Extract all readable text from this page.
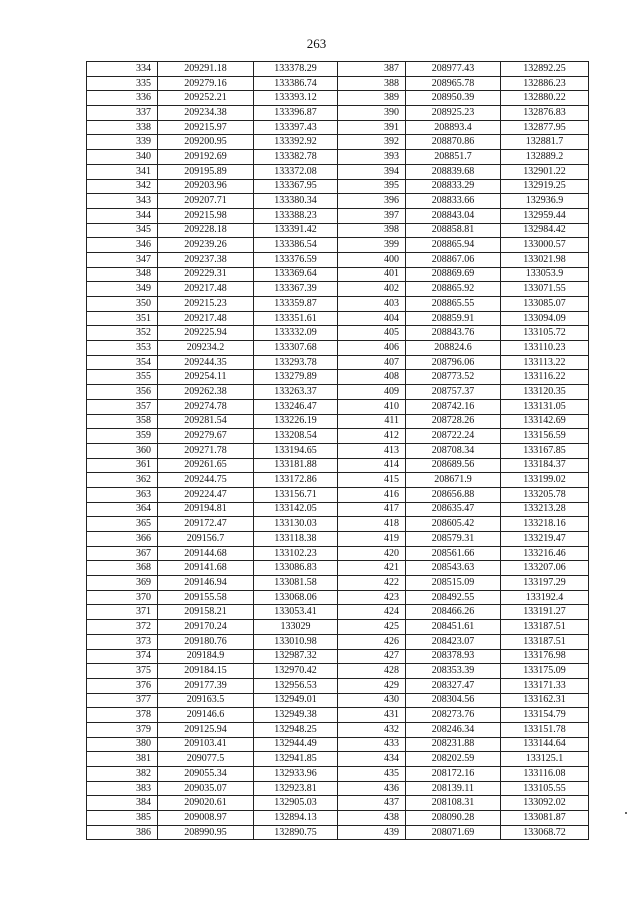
263
334	209291.18	133378.29	387	208977.43	132892.25
335	209279.16	133386.74	388	208965.78	132886.23
336	209252.21	133393.12	389	208950.39	132880.22
337	209234.38	133396.87	390	208925.23	132876.83
338	209215.97	133397.43	391	208893.4	132877.95
339	209200.95	133392.92	392	208870.86	132881.7
340	209192.69	133382.78	393	208851.7	132889.2
341	209195.89	133372.08	394	208839.68	132901.22
342	209203.96	133367.95	395	208833.29	132919.25
343	209207.71	133380.34	396	208833.66	132936.9
344	209215.98	133388.23	397	208843.04	132959.44
345	209228.18	133391.42	398	208858.81	132984.42
346	209239.26	133386.54	399	208865.94	133000.57
347	209237.38	133376.59	400	208867.06	133021.98
348	209229.31	133369.64	401	208869.69	133053.9
349	209217.48	133367.39	402	208865.92	133071.55
350	209215.23	133359.87	403	208865.55	133085.07
351	209217.48	133351.61	404	208859.91	133094.09
352	209225.94	133332.09	405	208843.76	133105.72
353	209234.2	133307.68	406	208824.6	133110.23
354	209244.35	133293.78	407	208796.06	133113.22
355	209254.11	133279.89	408	208773.52	133116.22
356	209262.38	133263.37	409	208757.37	133120.35
357	209274.78	133246.47	410	208742.16	133131.05
358	209281.54	133226.19	411	208728.26	133142.69
359	209279.67	133208.54	412	208722.24	133156.59
360	209271.78	133194.65	413	208708.34	133167.85
361	209261.65	133181.88	414	208689.56	133184.37
362	209244.75	133172.86	415	208671.9	133199.02
363	209224.47	133156.71	416	208656.88	133205.78
364	209194.81	133142.05	417	208635.47	133213.28
365	209172.47	133130.03	418	208605.42	133218.16
366	209156.7	133118.38	419	208579.31	133219.47
367	209144.68	133102.23	420	208561.66	133216.46
368	209141.68	133086.83	421	208543.63	133207.06
369	209146.94	133081.58	422	208515.09	133197.29
370	209155.58	133068.06	423	208492.55	133192.4
371	209158.21	133053.41	424	208466.26	133191.27
372	209170.24	133029	425	208451.61	133187.51
373	209180.76	133010.98	426	208423.07	133187.51
374	209184.9	132987.32	427	208378.93	133176.98
375	209184.15	132970.42	428	208353.39	133175.09
376	209177.39	132956.53	429	208327.47	133171.33
377	209163.5	132949.01	430	208304.56	133162.31
378	209146.6	132949.38	431	208273.76	133154.79
379	209125.94	132948.25	432	208246.34	133151.78
380	209103.41	132944.49	433	208231.88	133144.64
381	209077.5	132941.85	434	208202.59	133125.1
382	209055.34	132933.96	435	208172.16	133116.08
383	209035.07	132923.81	436	208139.11	133105.55
384	209020.61	132905.03	437	208108.31	133092.02
385	209008.97	132894.13	438	208090.28	133081.87
386	208990.95	132890.75	439	208071.69	133068.72
